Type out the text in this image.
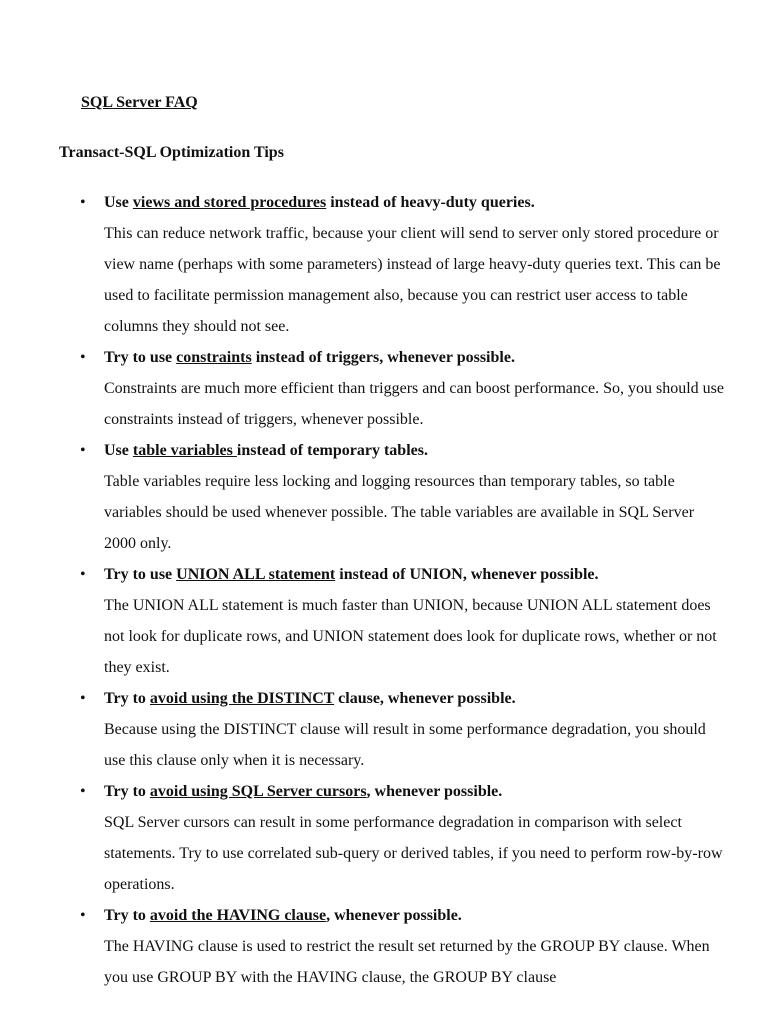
SQL Server FAQ
Transact-SQL Optimization Tips
• Use views and stored procedures instead of heavy-duty queries.
This can reduce network traffic, because your client will send to server only stored procedure or view name (perhaps with some parameters) instead of large heavy-duty queries text. This can be used to facilitate permission management also, because you can restrict user access to table columns they should not see.
• Try to use constraints instead of triggers, whenever possible.
Constraints are much more efficient than triggers and can boost performance. So, you should use constraints instead of triggers, whenever possible.
• Use table variables instead of temporary tables.
Table variables require less locking and logging resources than temporary tables, so table variables should be used whenever possible. The table variables are available in SQL Server 2000 only.
• Try to use UNION ALL statement instead of UNION, whenever possible.
The UNION ALL statement is much faster than UNION, because UNION ALL statement does not look for duplicate rows, and UNION statement does look for duplicate rows, whether or not they exist.
• Try to avoid using the DISTINCT clause, whenever possible.
Because using the DISTINCT clause will result in some performance degradation, you should use this clause only when it is necessary.
• Try to avoid using SQL Server cursors, whenever possible.
SQL Server cursors can result in some performance degradation in comparison with select statements. Try to use correlated sub-query or derived tables, if you need to perform row-by-row operations.
• Try to avoid the HAVING clause, whenever possible.
The HAVING clause is used to restrict the result set returned by the GROUP BY clause. When you use GROUP BY with the HAVING clause, the GROUP BY clause
